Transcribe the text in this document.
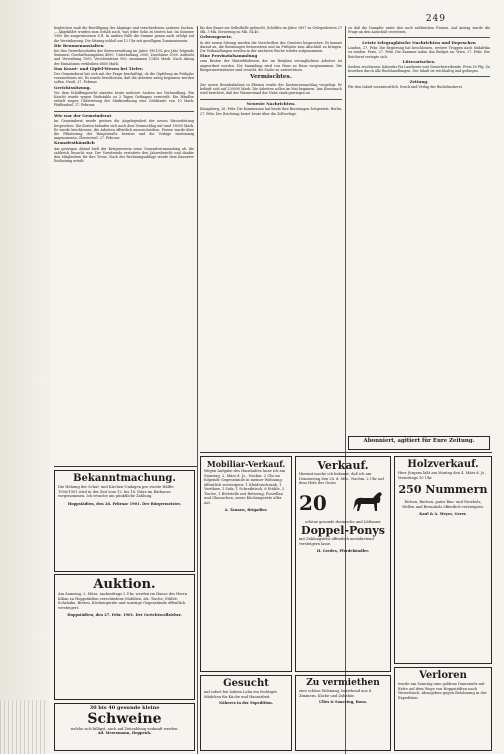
249
begleichen muß die Bewilligung der Abgänge und verschiedenen anderen Sachen. — Abgebildet wurden zum Gehalt noch, was jeder Sohn zu leisten hat. Im Sommer 1900 die ausgewiesenen 8 fl. In andern Falle die Summe genau nach erfolgt auf die Vereinbarung. Die Sitzung schloß um 12 Uhr mit geselligem Zusammensein.
Die Brunnenanstalten
bei den Gewerbeschulen der Kreisverwaltung im Jahre 1901/02 pro Jahr folgende Summen: Geschäftsausgaben 4000, Unterhaltung 2000, Zuschüsse 3000, Aufsicht und Verwaltung 1500, Verschiedenes 900, zusammen 11400 Mark. Nach Abzug der Einnahmen verbleiben 6800 Mark.
Das Kraut- und Gipfel-Wesen bei Tiefer.
Der Gemeinderat hat sich mit der Frage beschäftigt, ob die Gipfelung im Frühjahr vorzunehmen sei. Es wurde beschlossen, daß die Arbeiten zeitig begonnen werden sollen. Neuß, 27. Februar.
Gerichtssitzung.
Vor dem Schöffengericht standen heute mehrere Sachen zur Verhandlung. Ein Knecht wurde wegen Diebstahls zu 3 Tagen Gefängnis verurteilt. Ein Händler erhielt wegen Übertretung der Marktordnung eine Geldstrafe von 10 Mark. Pfaffendorf, 27. Februar.
Wie war der Gemeinderat
Im Gemeinderat wurde gestern die Angelegenheit der neuen Wasserleitung besprochen. Die Kosten belaufen sich nach dem Voranschlag auf rund 18000 Mark. Es wurde beschlossen, die Arbeiten öffentlich auszuschreiben. Ferner wurde über die Pflasterung der Hauptstraße beraten und die Vorlage einstimmig angenommen. Oberweisel, 27. Februar.
Kranzfesthäuslich
Am gestrigen Abend hielt der Kriegerverein seine Generalversammlung ab, die zahlreich besucht war. Der Vorsitzende erstattete den Jahresbericht und dankte den Mitgliedern für ihre Treue. Nach der Rechnungsablage wurde dem Kassierer Entlastung erteilt.
für den Bauer zur Selbsthilfe gebracht; Schöffen im Jahre 1897 zu Gelegenheiten 27 Mk. 3 Mk. Steuerung zu Mk. 54.40.
Gebensgesetz.
In der neuen Sitzung wurden die Vorschriften des Gesetzes besprochen. Er kommt darauf an, die Beratungen fortzusetzen und im Frühjahr zum Abschluß zu bringen. Die Verhandlungen werden in der nächsten Woche wieder aufgenommen.
Eine Provinzialsammlung
zum Besten der Hinterbliebenen der im Bergbau verunglückten Arbeiter ist angeordnet worden. Die Sammlung wird von Haus zu Haus vorgenommen. Die Bürgermeisterämter sind ersucht, die Sache zu unterstützen.
Vermischtes.
Zur neuen Eisenbahnlinie in Ebenau wurde der Kostenvoranschlag vorgelegt. Er beläuft sich auf 230000 Mark. Die Arbeiten sollen im Mai beginnen. Aus Kreuznach wird berichtet, daß der Wasserstand der Nahe stark gestiegen ist.
Neueste Nachrichten.
Königsberg, 26. Febr. Die Kommission hat heute ihre Beratungen fortgesetzt. Berlin, 27. Febr. Der Reichstag beriet heute über die Zollvorlage.
zu daß die Dampfer unter den noch zahlreichen Firmen. Auf Antrag wurde die Frage an den Ausschuß verwiesen.
Letzte telegraphische Nachrichten und Depeschen
London, 27. Febr. Die Regierung hat beschlossen, weitere Truppen nach Südafrika zu senden. Paris, 27. Febr. Die Kammer nahm das Budget an. Wien, 27. Febr. Der Reichsrat vertagte sich.
Litterarisches.
Soeben erschienen: Kalender für Landwirte und Gewerbetreibende. Preis 50 Pfg. Zu beziehen durch alle Buchhandlungen. Der Inhalt ist reichhaltig und gediegen.
Zeitung.
Für den Inhalt verantwortlich. Druck und Verlag der Buchdruckerei.
Abonniert, agitiert für Eure Zeitung.
Bekanntmachung.
Die Hebung der Schul- und Kirchen-Umlagen pro zweite Hälfte 1900/1901 wird in der Zeit vom 12. bis 18. März im Rathause vorgenommen. Ich ersuche um pünktliche Zahlung.
Hoppstädten, den 26. Februar 1901. Der Bürgermeister.
Auktion.
Am Samstag, 2. März, nachmittags 2 Uhr, werden im Hause des Herrn Kilian zu Hoppstädten verschiedene Mobilien, als: Tische, Stühle, Schränke, Betten, Küchengeräte und sonstige Gegenstände öffentlich versteigert.
Hoppstädten, den 27. Febr. 1901. Der Gerichtsvollzieher.
30 bis 40 gesunde kleine
Schweine
welche sich billigst, auch auf Zeitzahlung verkauft werden.
Ad. Meersmann, Heppenh.
Mobiliar-Verkauf.
Wegen Aufgabe des Haushaltes lasse ich am Samstag, 2. März d. Js., Nachm. 2 Uhr an folgende Gegenstände in meiner Wohnung öffentlich versteigern: 1 Kleiderschrank, 1 Vertikow, 1 Sofa, 1 Schreibtisch, 6 Stühle, 2 Tische, 1 Bettstelle mit Bettzeug, Porzellan und Glassachen, sowie Küchengeräte aller Art.
A. Tannen, Brigadier.
Gesucht
auf sofort bei hohem Lohn ein tüchtiges Mädchen für Küche und Hausarbeit.
Näheres in der Expedition.
Verkauf.
Hiermit mache ich bekannt, daß ich am Donnerstag den 28. d. Mts., Nachm. 2 Uhr auf dem Hofe des Gutes
20
schöne gesunde rheinische und Litthauer
Doppel-Ponys
mit Zahlungsfrist öffentlich meistbietend versteigern lasse.
H. Gerdes, Pferdehändler.
Zu vermiethen
eine schöne Wohnung, bestehend aus 4 Zimmern, Küche und Zubehör.
Ullex & Sauering, Bous.
Holzverkauf.
Herr Jürgens läßt am Montag den 4. März d. Js., Vormittags 10 Uhr
250 Nummern
Eichen, Buchen, gutes Bau- und Nutzholz, Wellen und Brennholz öffentlich versteigern.
Kaul & A. Meyer, Gerer.
Verloren
wurde am Sonntag eine goldene Damenuhr mit Kette auf dem Wege von Hoppstädten nach Weiersbach. Abzugeben gegen Belohnung in der Expedition.
